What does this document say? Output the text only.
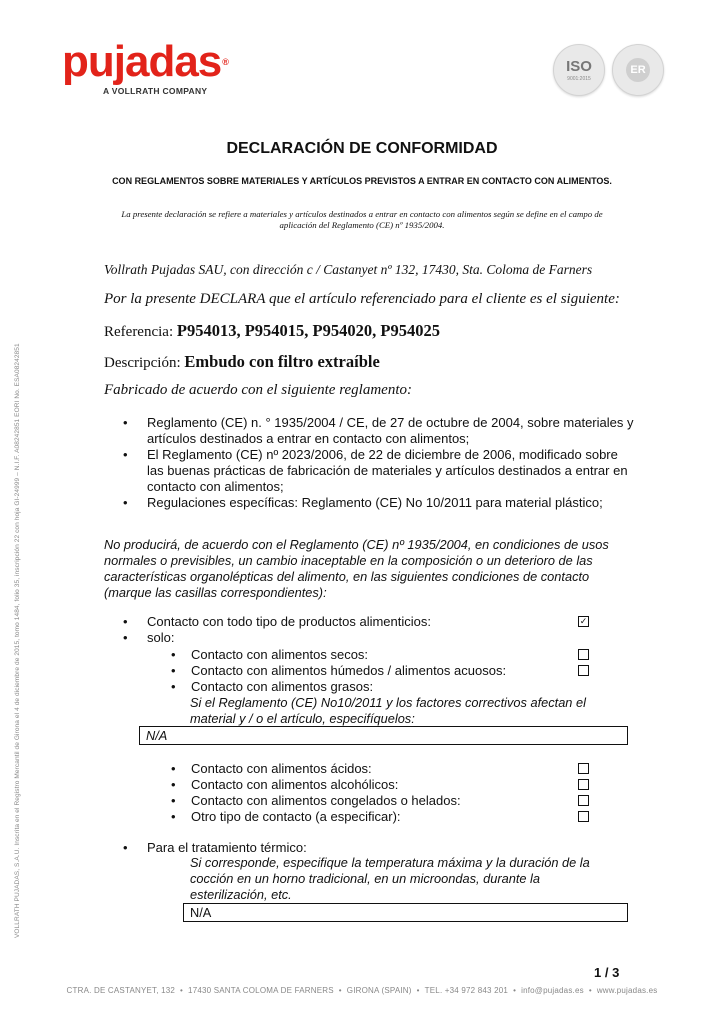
pujadas®
A VOLLRATH COMPANY
ISO
9001:2015
ER
VOLLRATH PUJADAS, S.A.U. Inscrita en el Registro Mercantil de Girona el 4 de diciembre de 2015, tomo 1484, folio 35, inscripción 22 con hoja GI-24999 – N.I.F. A08242851 EORI No. ESA08242851
DECLARACIÓN DE CONFORMIDAD
CON REGLAMENTOS SOBRE MATERIALES Y ARTÍCULOS PREVISTOS A ENTRAR EN CONTACTO CON ALIMENTOS.
La presente declaración se refiere a materiales y artículos destinados a entrar en contacto con alimentos según se define en el campo de aplicación del Reglamento (CE) nº 1935/2004.
Vollrath Pujadas SAU, con dirección c / Castanyet nº 132, 17430, Sta. Coloma de Farners
Por la presente DECLARA que el artículo referenciado para el cliente es el siguiente:
Referencia: P954013, P954015, P954020, P954025
Descripción: Embudo con filtro extraíble
Fabricado de acuerdo con el siguiente reglamento:
• Reglamento (CE) n. ° 1935/2004 / CE, de 27 de octubre de 2004, sobre materiales y artículos destinados a entrar en contacto con alimentos;
• El Reglamento (CE) nº 2023/2006, de 22 de diciembre de 2006, modificado sobre las buenas prácticas de fabricación de materiales y artículos destinados a entrar en contacto con alimentos;
• Regulaciones específicas: Reglamento (CE) No 10/2011 para material plástico;
No producirá, de acuerdo con el Reglamento (CE) nº 1935/2004, en condiciones de usos normales o previsibles, un cambio inaceptable en la composición o un deterioro de las características organolépticas del alimento, en las siguientes condiciones de contacto (marque las casillas correspondientes):
• Contacto con todo tipo de productos alimenticios:	✓
• solo:
• Contacto con alimentos secos:
• Contacto con alimentos húmedos / alimentos acuosos:
• Contacto con alimentos grasos:
Si el Reglamento (CE) No10/2011 y los factores correctivos afectan el material y / o el artículo, especifíquelos:
N/A
• Contacto con alimentos ácidos:
• Contacto con alimentos alcohólicos:
• Contacto con alimentos congelados o helados:
• Otro tipo de contacto (a especificar):
• Para el tratamiento térmico:
Si corresponde, especifique la temperatura máxima y la duración de la cocción en un horno tradicional, en un microondas, durante la esterilización, etc.
N/A
1 / 3
CTRA. DE CASTANYET, 132 • 17430 SANTA COLOMA DE FARNERS • GIRONA (SPAIN) • TEL. +34 972 843 201 • info@pujadas.es • www.pujadas.es
